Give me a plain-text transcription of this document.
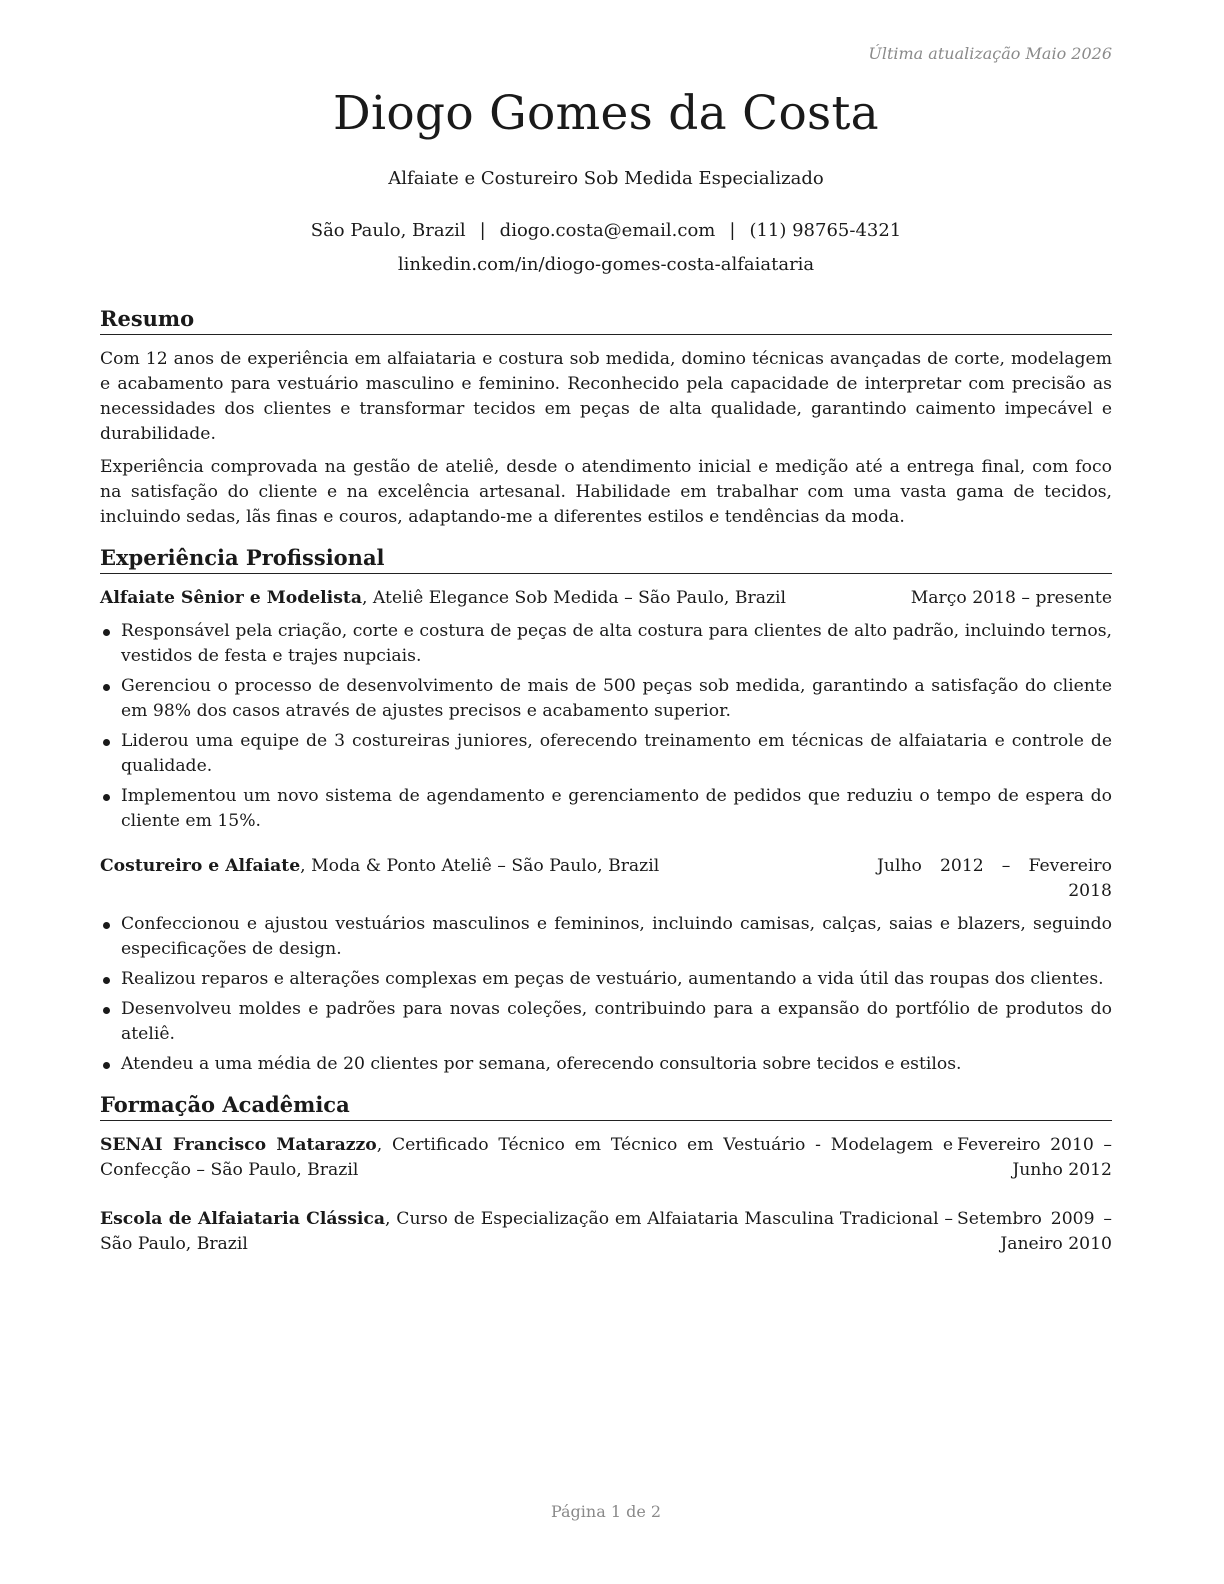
Última atualização Maio 2026
Diogo Gomes da Costa
Alfaiate e Costureiro Sob Medida Especializado
São Paulo, Brazil | diogo.costa@email.com | (11) 98765-4321
linkedin.com/in/diogo-gomes-costa-alfaiataria
Resumo

Com 12 anos de experiência em alfaiataria e costura sob medida, domino técnicas avançadas de corte, modelagem e acabamento para vestuário masculino e feminino. Reconhecido pela capacidade de interpretar com precisão as necessidades dos clientes e transformar tecidos em peças de alta qualidade, garantindo caimento impecável e durabilidade.

Experiência comprovada na gestão de ateliê, desde o atendimento inicial e medição até a entrega final, com foco na satisfação do cliente e na excelência artesanal. Habilidade em trabalhar com uma vasta gama de tecidos, incluindo sedas, lãs finas e couros, adaptando-me a diferentes estilos e tendências da moda.

Experiência Profissional
Alfaiate Sênior e Modelista, Ateliê Elegance Sob Medida – São Paulo, Brazil	Março 2018 – presente
Responsável pela criação, corte e costura de peças de alta costura para clientes de alto padrão, incluindo ternos, vestidos de festa e trajes nupciais.
Gerenciou o processo de desenvolvimento de mais de 500 peças sob medida, garantindo a satisfação do cliente em 98% dos casos através de ajustes precisos e acabamento superior.
Liderou uma equipe de 3 costureiras juniores, oferecendo treinamento em técnicas de alfaiataria e controle de qualidade.
Implementou um novo sistema de agendamento e gerenciamento de pedidos que reduziu o tempo de espera do cliente em 15%.
Costureiro e Alfaiate, Moda & Ponto Ateliê – São Paulo, Brazil	Julho 2012 – Fevereiro 2018
Confeccionou e ajustou vestuários masculinos e femininos, incluindo camisas, calças, saias e blazers, seguindo especificações de design.
Realizou reparos e alterações complexas em peças de vestuário, aumentando a vida útil das roupas dos clientes.
Desenvolveu moldes e padrões para novas coleções, contribuindo para a expansão do portfólio de produtos do ateliê.
Atendeu a uma média de 20 clientes por semana, oferecendo consultoria sobre tecidos e estilos.
Formação Acadêmica
SENAI Francisco Matarazzo, Certificado Técnico em Técnico em Vestuário - Modelagem e Confecção – São Paulo, Brazil
Fevereiro 2010 – Junho 2012
Escola de Alfaiataria Clássica, Curso de Especialização em Alfaiataria Masculina Tradicional – São Paulo, Brazil
Setembro 2009 – Janeiro 2010
Página 1 de 2
